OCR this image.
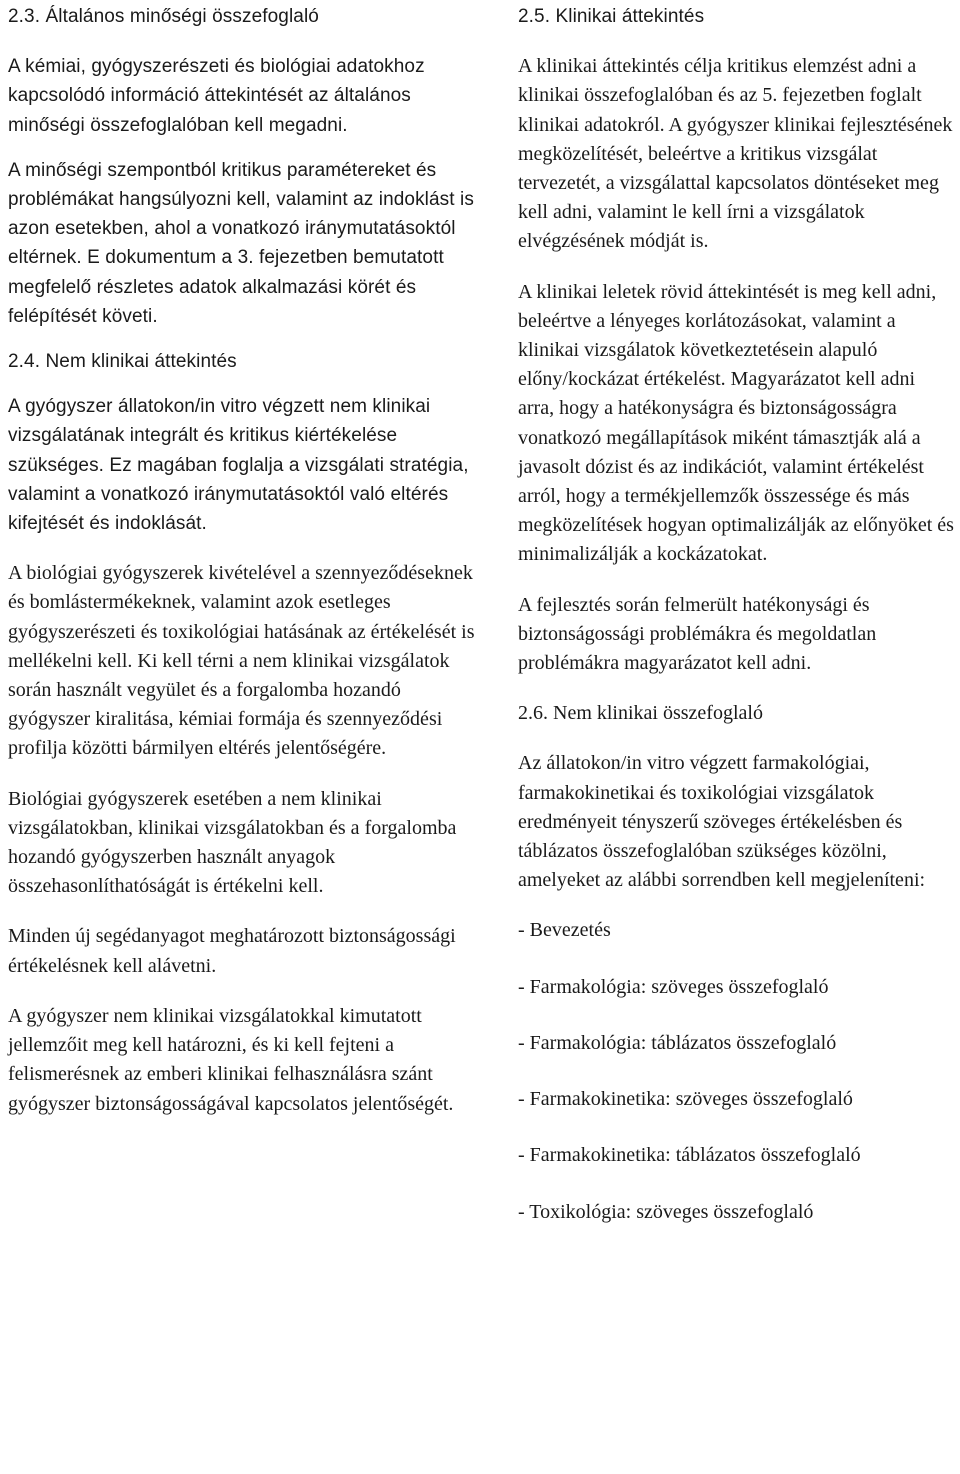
2.3. Általános minőségi összefoglaló

A kémiai, gyógyszerészeti és biológiai adatokhoz kapcsolódó információ áttekintését az általános minőségi összefoglalóban kell megadni.

A minőségi szempontból kritikus paramétereket és problémákat hangsúlyozni kell, valamint az indoklást is azon esetekben, ahol a vonatkozó iránymutatásoktól eltérnek. E dokumentum a 3. fejezetben bemutatott megfelelő részletes adatok alkalmazási körét és felépítését követi.

2.4. Nem klinikai áttekintés

A gyógyszer állatokon/in vitro végzett nem klinikai vizsgálatának integrált és kritikus kiértékelése szükséges. Ez magában foglalja a vizsgálati stratégia, valamint a vonatkozó iránymutatásoktól való eltérés kifejtését és indoklását.

A biológiai gyógyszerek kivételével a szennyeződéseknek és bomlástermékeknek, valamint azok esetleges gyógyszerészeti és toxikológiai hatásának az értékelését is mellékelni kell. Ki kell térni a nem klinikai vizsgálatok során használt vegyület és a forgalomba hozandó gyógyszer kiralitása, kémiai formája és szennyeződési profilja közötti bármilyen eltérés jelentőségére.

Biológiai gyógyszerek esetében a nem klinikai vizsgálatokban, klinikai vizsgálatokban és a forgalomba hozandó gyógyszerben használt anyagok összehasonlíthatóságát is értékelni kell.

Minden új segédanyagot meghatározott biztonságossági értékelésnek kell alávetni.

A gyógyszer nem klinikai vizsgálatokkal kimutatott jellemzőit meg kell határozni, és ki kell fejteni a felismerésnek az emberi klinikai felhasználásra szánt gyógyszer biztonságosságával kapcsolatos jelentőségét.

2.5. Klinikai áttekintés

A klinikai áttekintés célja kritikus elemzést adni a klinikai összefoglalóban és az 5. fejezetben foglalt klinikai adatokról. A gyógyszer klinikai fejlesztésének megközelítését, beleértve a kritikus vizsgálat tervezetét, a vizsgálattal kapcsolatos döntéseket meg kell adni, valamint le kell írni a vizsgálatok elvégzésének módját is.

A klinikai leletek rövid áttekintését is meg kell adni, beleértve a lényeges korlátozásokat, valamint a klinikai vizsgálatok következtetésein alapuló előny/kockázat értékelést. Magyarázatot kell adni arra, hogy a hatékonyságra és biztonságosságra vonatkozó megállapítások miként támasztják alá a javasolt dózist és az indikációt, valamint értékelést arról, hogy a termékjellemzők összessége és más megközelítések hogyan optimalizálják az előnyöket és minimalizálják a kockázatokat.

A fejlesztés során felmerült hatékonysági és biztonságossági problémákra és megoldatlan problémákra magyarázatot kell adni.

2.6. Nem klinikai összefoglaló

Az állatokon/in vitro végzett farmakológiai, farmakokinetikai és toxikológiai vizsgálatok eredményeit tényszerű szöveges értékelésben és táblázatos összefoglalóban szükséges közölni, amelyeket az alábbi sorrendben kell megjeleníteni:

- Bevezetés

- Farmakológia: szöveges összefoglaló

- Farmakológia: táblázatos összefoglaló

- Farmakokinetika: szöveges összefoglaló

- Farmakokinetika: táblázatos összefoglaló

- Toxikológia: szöveges összefoglaló
